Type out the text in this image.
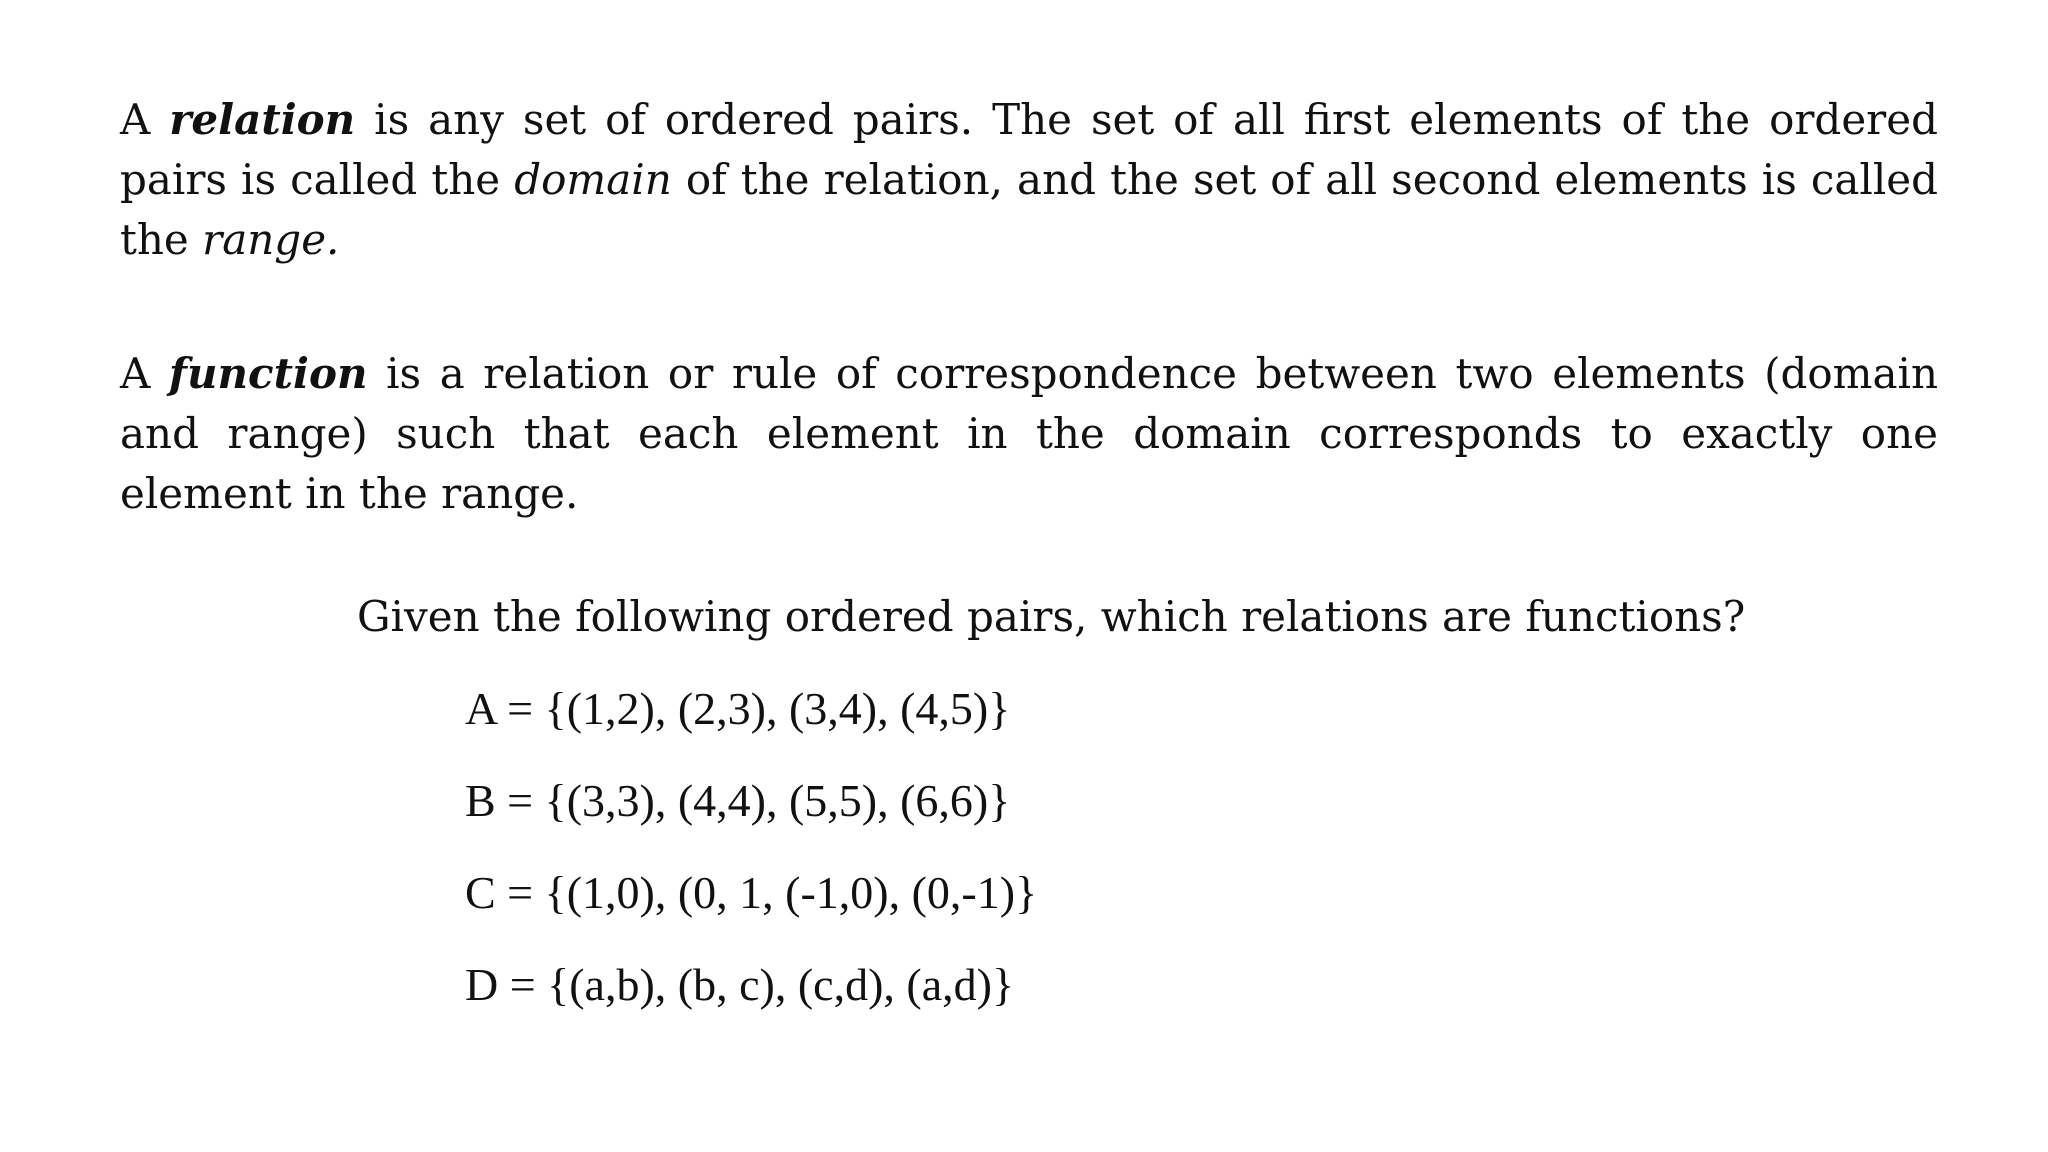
A relation is any set of ordered pairs. The set of all first elements of the ordered pairs is called the domain of the relation, and the set of all second elements is called the range.

A function is a relation or rule of correspondence between two elements (domain and range) such that each element in the domain corresponds to exactly one element in the range.

Given the following ordered pairs, which relations are functions?

A = {(1,2), (2,3), (3,4), (4,5)}

B = {(3,3), (4,4), (5,5), (6,6)}

C = {(1,0), (0, 1, (-1,0), (0,-1)}

D = {(a,b), (b, c), (c,d), (a,d)}
